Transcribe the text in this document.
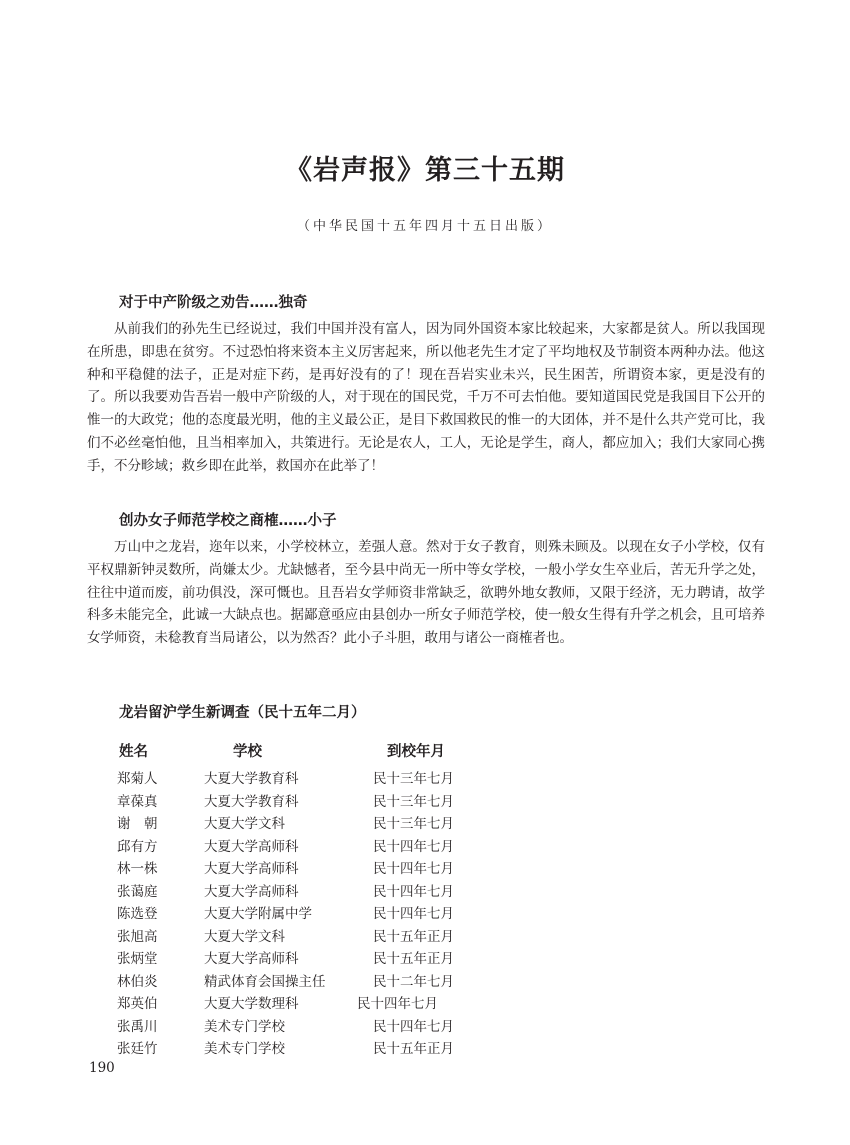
《岩声报》第三十五期
（中华民国十五年四月十五日出版）
对于中产阶级之劝告……独奇

从前我们的孙先生已经说过，我们中国并没有富人，因为同外国资本家比较起来，大家都是贫人。所以我国现在所患，即患在贫穷。不过恐怕将来资本主义厉害起来，所以他老先生才定了平均地权及节制资本两种办法。他这种和平稳健的法子，正是对症下药，是再好没有的了！现在吾岩实业未兴，民生困苦，所谓资本家，更是没有的了。所以我要劝告吾岩一般中产阶级的人，对于现在的国民党，千万不可去怕他。要知道国民党是我国目下公开的惟一的大政党；他的态度最光明，他的主义最公正，是目下救国救民的惟一的大团体，并不是什么共产党可比，我们不必丝毫怕他，且当相率加入，共策进行。无论是农人，工人，无论是学生，商人，都应加入；我们大家同心携手，不分畛域；救乡即在此举，救国亦在此举了！

创办女子师范学校之商榷……小子

万山中之龙岩，迩年以来，小学校林立，差强人意。然对于女子教育，则殊未顾及。以现在女子小学校，仅有平权鼎新钟灵数所，尚嫌太少。尤缺憾者，至今县中尚无一所中等女学校，一般小学女生卒业后，苦无升学之处，往往中道而废，前功俱没，深可慨也。且吾岩女学师资非常缺乏，欲聘外地女教师，又限于经济，无力聘请，故学科多未能完全，此诚一大缺点也。据鄙意亟应由县创办一所女子师范学校，使一般女生得有升学之机会，且可培养女学师资，未稔教育当局诸公，以为然否？此小子斗胆，敢用与诸公一商榷者也。

龙岩留沪学生新调查（民十五年二月）
姓名	学校	到校年月
郑菊人	大夏大学教育科	民十三年七月
章葆真	大夏大学教育科	民十三年七月
谢　朝	大夏大学文科	民十三年七月
邱有方	大夏大学高师科	民十四年七月
林一株	大夏大学高师科	民十四年七月
张蔼庭	大夏大学高师科	民十四年七月
陈选登	大夏大学附属中学	民十四年七月
张旭高	大夏大学文科	民十五年正月
张炳堂	大夏大学高师科	民十五年正月
林伯炎	精武体育会国操主任	民十二年七月
郑英伯	大夏大学数理科	民十四年七月
张禹川	美术专门学校	民十四年七月
张廷竹	美术专门学校	民十五年正月
190
